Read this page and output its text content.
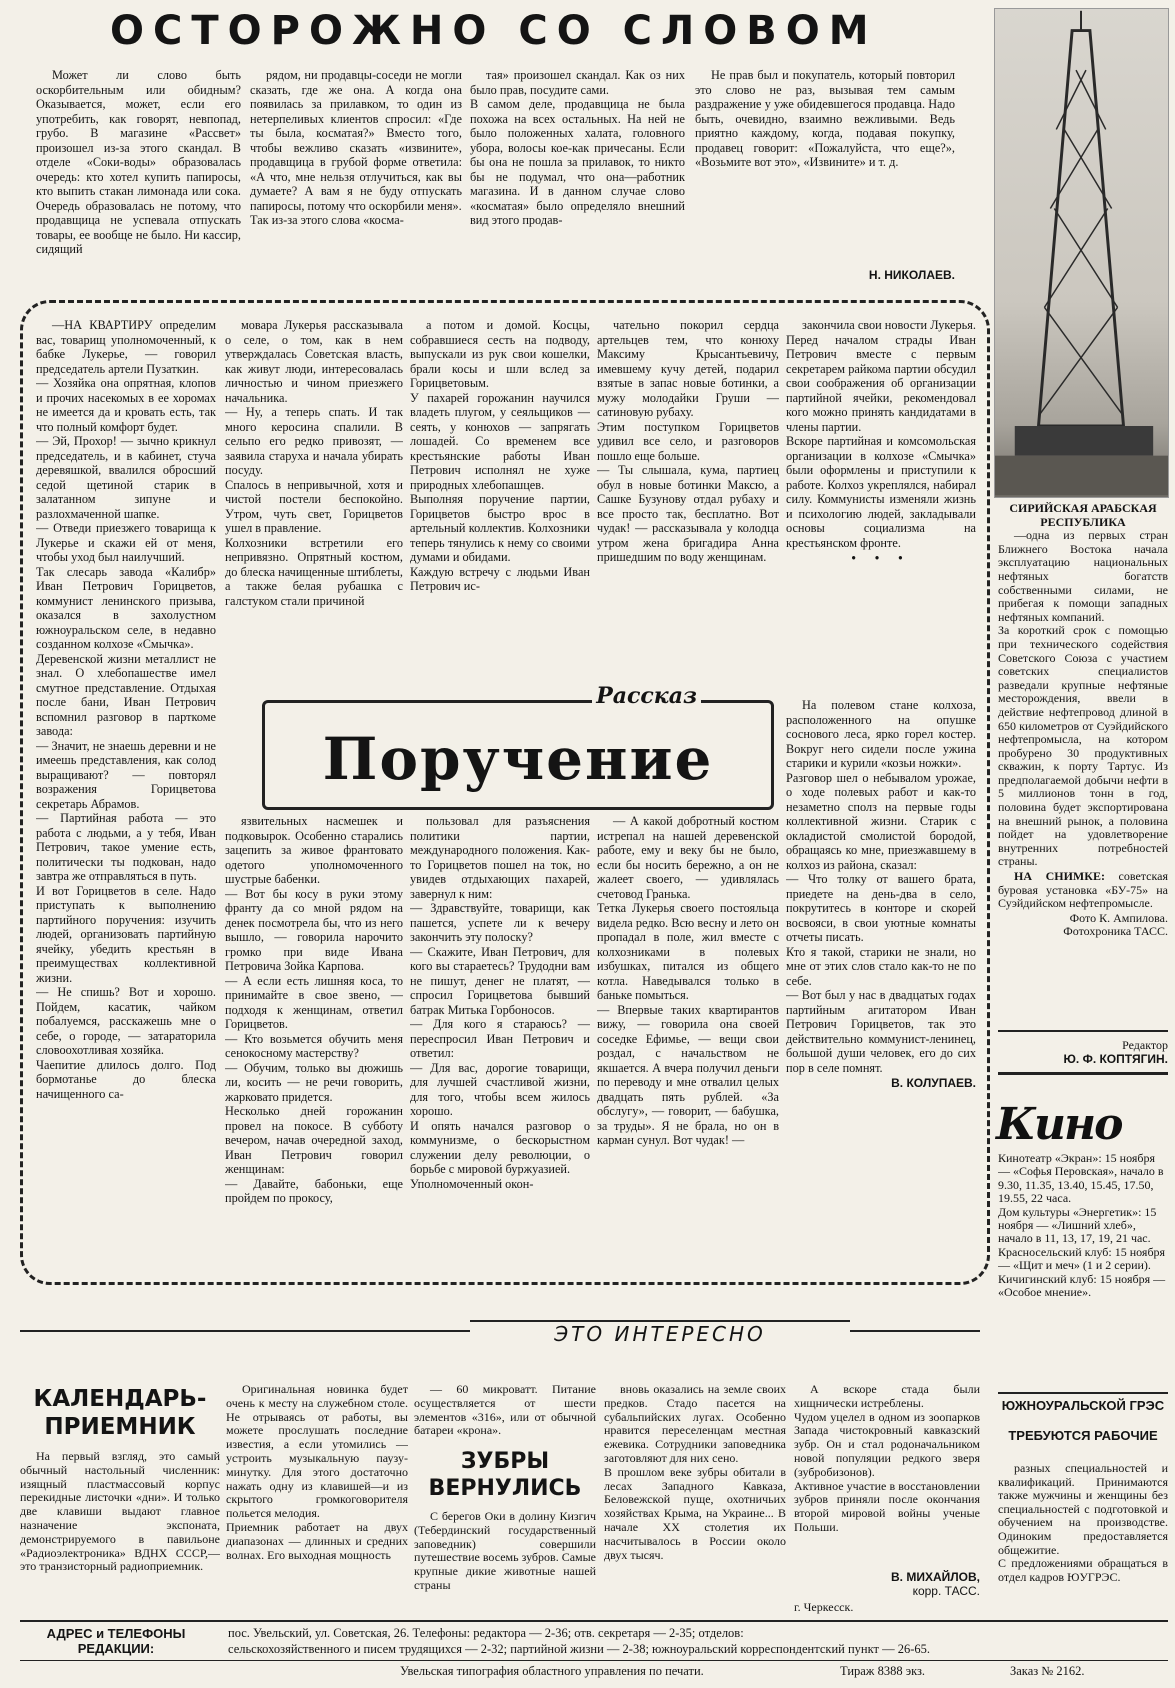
ОСТОРОЖНО СО СЛОВОМ

Может ли слово быть оскорбительным или обидным? Оказывается, может, если его употребить, как говорят, невпопад, грубо. В магазине «Рассвет» произошел из-за этого скандал. В отделе «Соки-воды» образовалась очередь: кто хотел купить папиросы, кто выпить стакан лимонада или сока. Очередь образовалась не потому, что продавщица не успевала отпускать товары, ее вообще не было. Ни кассир, сидящий

рядом, ни продавцы-соседи не могли сказать, где же она. А когда она появилась за прилавком, то один из нетерпеливых клиентов спросил: «Где ты была, косматая?» Вместо того, чтобы вежливо сказать «извините», продавщица в грубой форме ответила: «А что, мне нельзя отлучиться, как вы думаете? А вам я не буду отпускать папиросы, потому что оскорбили меня».
Так из-за этого слова «косма-

тая» произошел скандал. Как оз них было прав, посудите сами.
В самом деле, продавщица не была похожа на всех остальных. На ней не было положенных халата, головного убора, волосы кое-как причесаны. Если бы она не пошла за прилавок, то никто бы не подумал, что она—работник магазина. И в данном случае слово «косматая» было определяло внешний вид этого продав-

Не прав был и покупатель, который повторил это слово не раз, вызывая тем самым раздражение у уже обидевшегося продавца. Надо быть, очевидно, взаимно вежливыми. Ведь приятно каждому, когда, подавая покупку, продавец говорит: «Пожалуйста, что еще?», «Возьмите вот это», «Извините» и т. д.

Н. НИКОЛАЕВ.
СИРИЙСКАЯ АРАБСКАЯ РЕСПУБЛИКА

—одна из первых стран Ближнего Востока начала эксплуатацию национальных нефтяных богатств собственными силами, не прибегая к помощи западных нефтяных компаний.
За короткий срок с помощью при технического содействия Советского Союза с участием советских специалистов разведали крупные нефтяные месторождения, ввели в действие нефтепровод длиной в 650 километров от Суэйдийского нефтепромысла, на котором пробурено 30 продуктивных скважин, к порту Тартус. Из предполагаемой добычи нефти в 5 миллионов тонн в год, половина будет экспортирована на внешний рынок, а половина пойдет на удовлетворение внутренних потребностей страны.

НА СНИМКЕ: советская буровая установка «БУ-75» на Суэйдийском нефтепромысле.

Фото К. Ампилова.
Фотохроника ТАСС.
Редактор
Ю. Ф. КОПТЯГИН.
Кино
Кинотеатр «Экран»: 15 ноября — «Софья Перовская», начало в 9.30, 11.35, 13.40, 15.45, 17.50, 19.55, 22 часа.
Дом культуры «Энергетик»: 15 ноября — «Лишний хлеб», начало в 11, 13, 17, 19, 21 час.
Красносельский клуб: 15 ноября — «Щит и меч» (1 и 2 серии).
Кичигинский клуб: 15 ноября — «Особое мнение».

—НА КВАРТИРУ определим вас, товарищ уполномоченный, к бабке Лукерье, — говорил председатель артели Пузаткин.
— Хозяйка она опрятная, клопов и прочих насекомых в ее хоромах не имеется да и кровать есть, так что полный комфорт будет.
— Эй, Прохор! — зычно крикнул председатель, и в кабинет, стуча деревяшкой, ввалился обросший седой щетиной старик в залатанном зипуне и разлохмаченной шапке.
— Отведи приезжего товарища к Лукерье и скажи ей от меня, чтобы уход был наилучший.
Так слесарь завода «Калибр» Иван Петрович Горицветов, коммунист ленинского призыва, оказался в захолустном южноуральском селе, в недавно созданном колхозе «Смычка».
Деревенской жизни металлист не знал. О хлебопашестве имел смутное представление. Отдыхая после бани, Иван Петрович вспомнил разговор в парткоме завода:
— Значит, не знаешь деревни и не имеешь представления, как солод выращивают? — повторял возражения Горицветова секретарь Абрамов.
— Партийная работа — это работа с людьми, а у тебя, Иван Петрович, такое умение есть, политически ты подкован, надо завтра же отправляться в путь.
И вот Горицветов в селе. Надо приступать к выполнению партийного поручения: изучить людей, организовать партийную ячейку, убедить крестьян в преимуществах коллективной жизни.
— Не спишь? Вот и хорошо. Пойдем, касатик, чайком побалуемся, расскажешь мне о себе, о городе, — затараторила словоохотливая хозяйка.
Чаепитие длилось долго. Под бормотанье до блеска начищенного са-

мовара Лукерья рассказывала о селе, о том, как в нем утверждалась Советская власть, как живут люди, интересовалась личностью и чином приезжего начальника.
— Ну, а теперь спать. И так много керосина спалили. В сельпо его редко привозят, — заявила старуха и начала убирать посуду.
Спалось в непривычной, хотя и чистой постели беспокойно. Утром, чуть свет, Горицветов ушел в правление.
Колхозники встретили его непривязно. Опрятный костюм, до блеска начищенные штиблеты, а также белая рубашка с галстуком стали причиной

а потом и домой. Косцы, собравшиеся сесть на подводу, выпускали из рук свои кошелки, брали косы и шли вслед за Горицветовым.
У пахарей горожанин научился владеть плугом, у сеяльщиков — сеять, у конюхов — запрягать лошадей. Со временем все крестьянские работы Иван Петрович исполнял не хуже природных хлебопашцев.
Выполняя поручение партии, Горицветов быстро врос в артельный коллектив. Колхозники теперь тянулись к нему со своими думами и обидами.
Каждую встречу с людьми Иван Петрович ис-

чательно покорил сердца артельцев тем, что конюху Максиму Крысантьевичу, имевшему кучу детей, подарил взятые в запас новые ботинки, а мужу молодайки Груши — сатиновую рубаху.
Этим поступком Горицветов удивил все село, и разговоров пошло еще больше.
— Ты слышала, кума, партиец обул в новые ботинки Максю, а Сашке Бузунову отдал рубаху и все просто так, бесплатно. Вот чудак! — рассказывала у колодца утром жена бригадира Анна пришедшим по воду женщинам.

закончила свои новости Лукерья.
Перед началом страды Иван Петрович вместе с первым секретарем райкома партии обсудил свои соображения об организации партийной ячейки, рекомендовал кого можно принять кандидатами в члены партии.
Вскоре партийная и комсомольская организации в колхозе «Смычка» были оформлены и приступили к работе. Колхоз укреплялся, набирал силу. Коммунисты изменяли жизнь и психологию людей, закладывали основы социализма на крестьянском фронте.

• • •
Рассказ
Поручение

На полевом стане колхоза, расположенного на опушке соснового леса, ярко горел костер. Вокруг него сидели после ужина старики и курили «козьи ножки».
Разговор шел о небывалом урожае, о ходе полевых работ и как-то незаметно сполз на первые годы коллективной жизни. Старик с окладистой смолистой бородой, обращаясь ко мне, приезжавшему в колхоз из района, сказал:
— Что толку от вашего брата, приедете на день-два в село, покрутитесь в конторе и скорей восвояси, в свои уютные комнаты отчеты писать.
Кто я такой, старики не знали, но мне от этих слов стало как-то не по себе.
— Вот был у нас в двадцатых годах партийным агитатором Иван Петрович Горицветов, так это действительно коммунист-ленинец, большой души человек, его до сих пор в селе помнят.

В. КОЛУПАЕВ.

язвительных насмешек и подковырок. Особенно старались зацепить за живое франтовато одетого уполномоченного шустрые бабенки.
— Вот бы косу в руки этому франту да со мной рядом на денек посмотрела бы, что из него вышло, — говорила нарочито громко при виде Ивана Петровича Зойка Карпова.
— А если есть лишняя коса, то принимайте в свое звено, — подходя к женщинам, ответил Горицветов.
— Кто возьмется обучить меня сенокосному мастерству?
— Обучим, только вы дюжишь ли, косить — не речи говорить, жарковато придется.
Несколько дней горожанин провел на покосе. В субботу вечером, начав очередной заход, Иван Петрович говорил женщинам:
— Давайте, бабоньки, еще пройдем по прокосу,

пользовал для разъяснения политики партии, международного положения. Как-то Горицветов пошел на ток, но увидев отдыхающих пахарей, завернул к ним:
— Здравствуйте, товарищи, как пашется, успете ли к вечеру закончить эту полоску?
— Скажите, Иван Петрович, для кого вы стараетесь? Трудодни вам не пишут, денег не платят, — спросил Горицветова бывший батрак Митька Горбоносов.
— Для кого я стараюсь? — переспросил Иван Петрович и ответил:
— Для вас, дорогие товарищи, для лучшей счастливой жизни, для того, чтобы всем жилось хорошо.
И опять начался разговор о коммунизме, о бескорыстном служении делу революции, о борьбе с мировой буржуазией.
Уполномоченный окон-

— А какой добротный костюм истрепал на нашей деревенской работе, ему и веку бы не было, если бы носить бережно, а он не жалеет своего, — удивлялась счетовод Гранька.
Тетка Лукерья своего постояльца видела редко. Всю весну и лето он пропадал в поле, жил вместе с колхозниками в полевых избушках, питался из общего котла. Наведывался только в баньке помыться.
— Впервые таких квартирантов вижу, — говорила она своей соседке Ефимье, — вещи свои роздал, с начальством не якшается. А вчера получил деньги по переводу и мне отвалил целых двадцать пять рублей. «За обслугу», — говорит, — бабушка, за труды». Я не брала, но он в карман сунул. Вот чудак! —

ЭТО ИНТЕРЕСНО
КАЛЕНДАРЬ-ПРИЕМНИК

На первый взгляд, это самый обычный настольный численник: изящный пластмассовый корпус перекидные листочки «дни». И только две клавиши выдают главное назначение экспоната, демонстрируемого в павильоне «Радиоэлектроника» ВДНХ СССР,—это транзисторный радиоприемник.

Оригинальная новинка будет очень к месту на служебном столе. Не отрываясь от работы, вы можете прослушать последние известия, а если утомились — устроить музыкальную паузу-минутку. Для этого достаточно нажать одну из клавишей—и из скрытого громкоговорителя польется мелодия.
Приемник работает на двух диапазонах — длинных и средних волнах. Его выходная мощность

— 60 микроватт. Питание осуществляется от шести элементов «316», или от обычной батареи «крона».

ЗУБРЫ ВЕРНУЛИСЬ

С берегов Оки в долину Кизгич (Тебердинский государственный заповедник) совершили путешествие восемь зубров. Самые крупные дикие животные нашей страны

вновь оказались на земле своих предков. Стадо пасется на субальпийских лугах. Особенно нравится переселенцам местная ежевика. Сотрудники заповедника заготовляют для них сено.
В прошлом веке зубры обитали в лесах Западного Кавказа, Беловежской пуще, охотничьих хозяйствах Крыма, на Украине... В начале XX столетия их насчитывалось в России около двух тысяч.

А вскоре стада были хищнически истреблены.
Чудом уцелел в одном из зоопарков Запада чистокровный кавказский зубр. Он и стал родоначальником новой популяции редкого зверя (зубробизонов).
Активное участие в восстановлении зубров приняли после окончания второй мировой войны ученые Польши.

В. МИХАЙЛОВ,
корр. ТАСС.
г. Черкесск.
ЮЖНОУРАЛЬСКОЙ ГРЭС
ТРЕБУЮТСЯ РАБОЧИЕ

разных специальностей и квалификаций. Принимаются также мужчины и женщины без специальностей с подготовкой и обучением на производстве. Одиноким предоставляется общежитие.
С предложениями обращаться в отдел кадров ЮУГРЭС.

АДРЕС и ТЕЛЕФОНЫ РЕДАКЦИИ:
пос. Увельский, ул. Советская, 26. Телефоны: редактора — 2-36; отв. секретаря — 2-35; отделов:
сельскохозяйственного и писем трудящихся — 2-32; партийной жизни — 2-38; южноуральский корреспондентский пункт — 26-65.
Увельская типография областного управления по печати.	Тираж 8388 экз.	Заказ № 2162.
